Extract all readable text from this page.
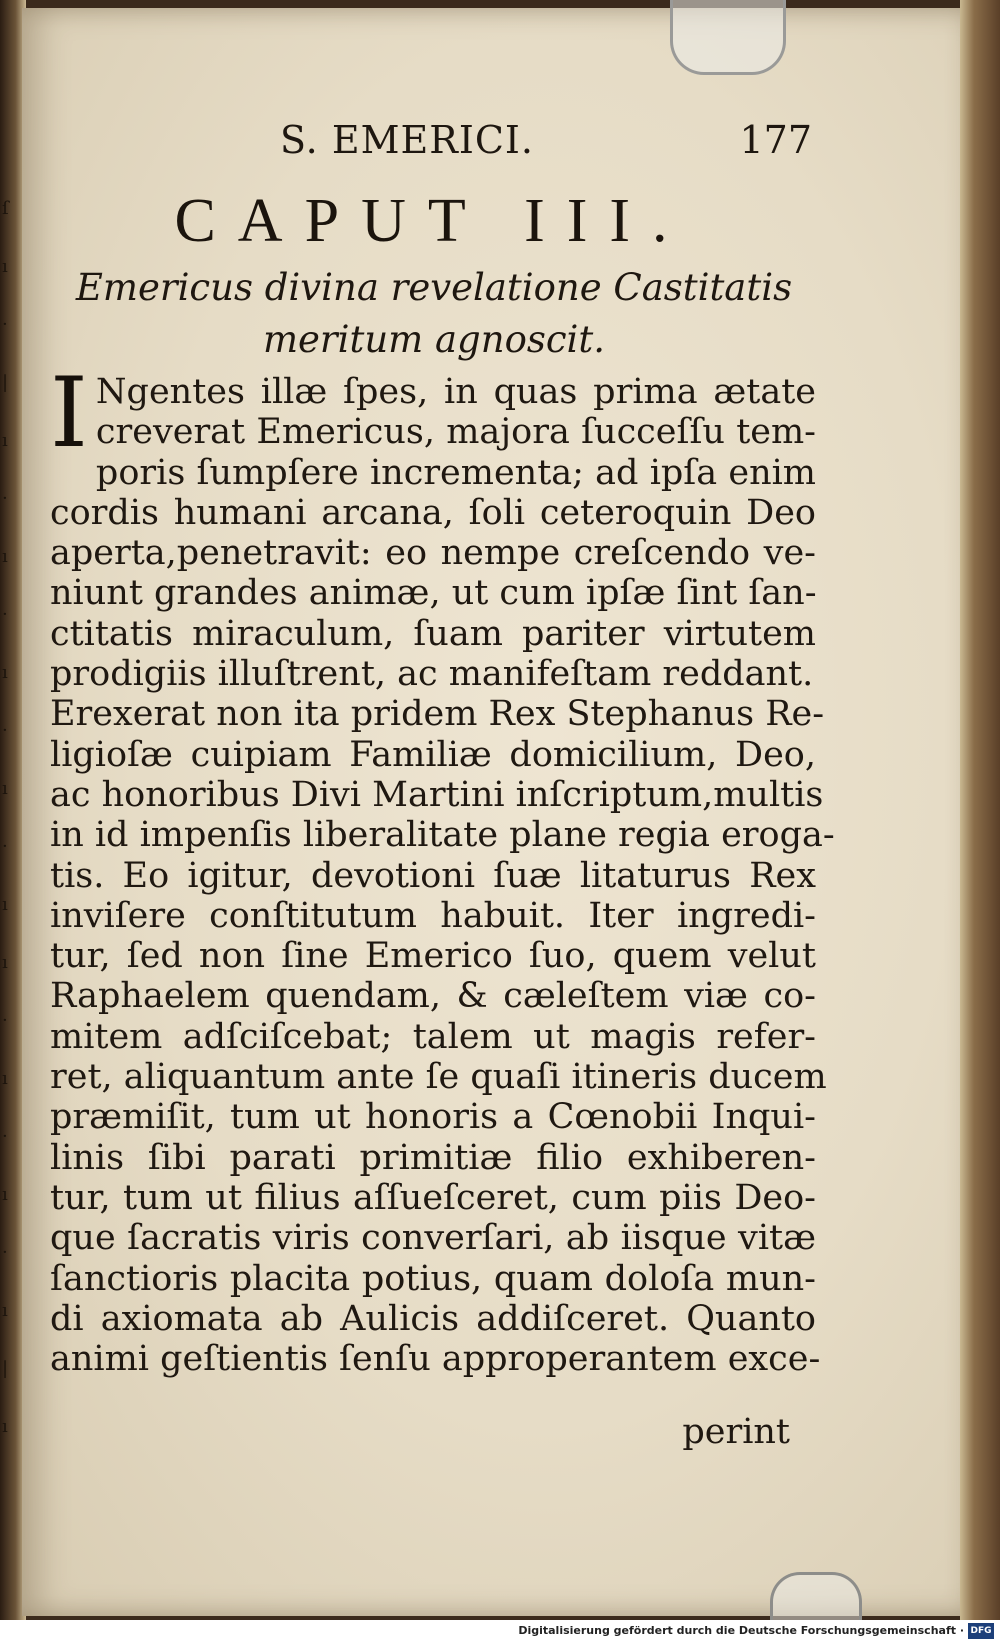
ſ
ı
·
|
ı
·
ı
·
ı
·
ı
·
ı
ı
·
ı
·
ı
·
ı
|
ı
S. EMERICI.	177
CAPUT III.
Emericus divina revelatione Castitatis
meritum agnoscit.
I Ngentes illæ ſpes, in quas prima ætate
creverat Emericus, majora ſucceſſu tem-
poris ſumpſere incrementa; ad ipſa enim
cordis humani arcana, ſoli ceteroquin Deo
aperta,penetravit: eo nempe creſcendo ve-
niunt grandes animæ, ut cum ipſæ ſint ſan-
ctitatis miraculum, ſuam pariter virtutem
prodigiis illuſtrent, ac manifeſtam reddant.
Erexerat non ita pridem Rex Stephanus Re-
ligioſæ cuipiam Familiæ domicilium, Deo,
ac honoribus Divi Martini inſcriptum,multis
in id impenſis liberalitate plane regia eroga-
tis. Eo igitur, devotioni ſuæ litaturus Rex
inviſere conſtitutum habuit. Iter ingredi-
tur, ſed non ſine Emerico ſuo, quem velut
Raphaelem quendam, & cæleſtem viæ co-
mitem adſciſcebat; talem ut magis refer-
ret, aliquantum ante ſe quaſi itineris ducem
præmiſit, tum ut honoris a Cœnobii Inqui-
linis ſibi parati primitiæ filio exhiberen-
tur, tum ut filius aſſueſceret, cum piis Deo-
que ſacratis viris converſari, ab iisque vitæ
ſanctioris placita potius, quam doloſa mun-
di axiomata ab Aulicis addiſceret. Quanto
animi geſtientis ſenſu approperantem exce-
perint
Digitalisierung gefördert durch die Deutsche Forschungsgemeinschaft · DFG
